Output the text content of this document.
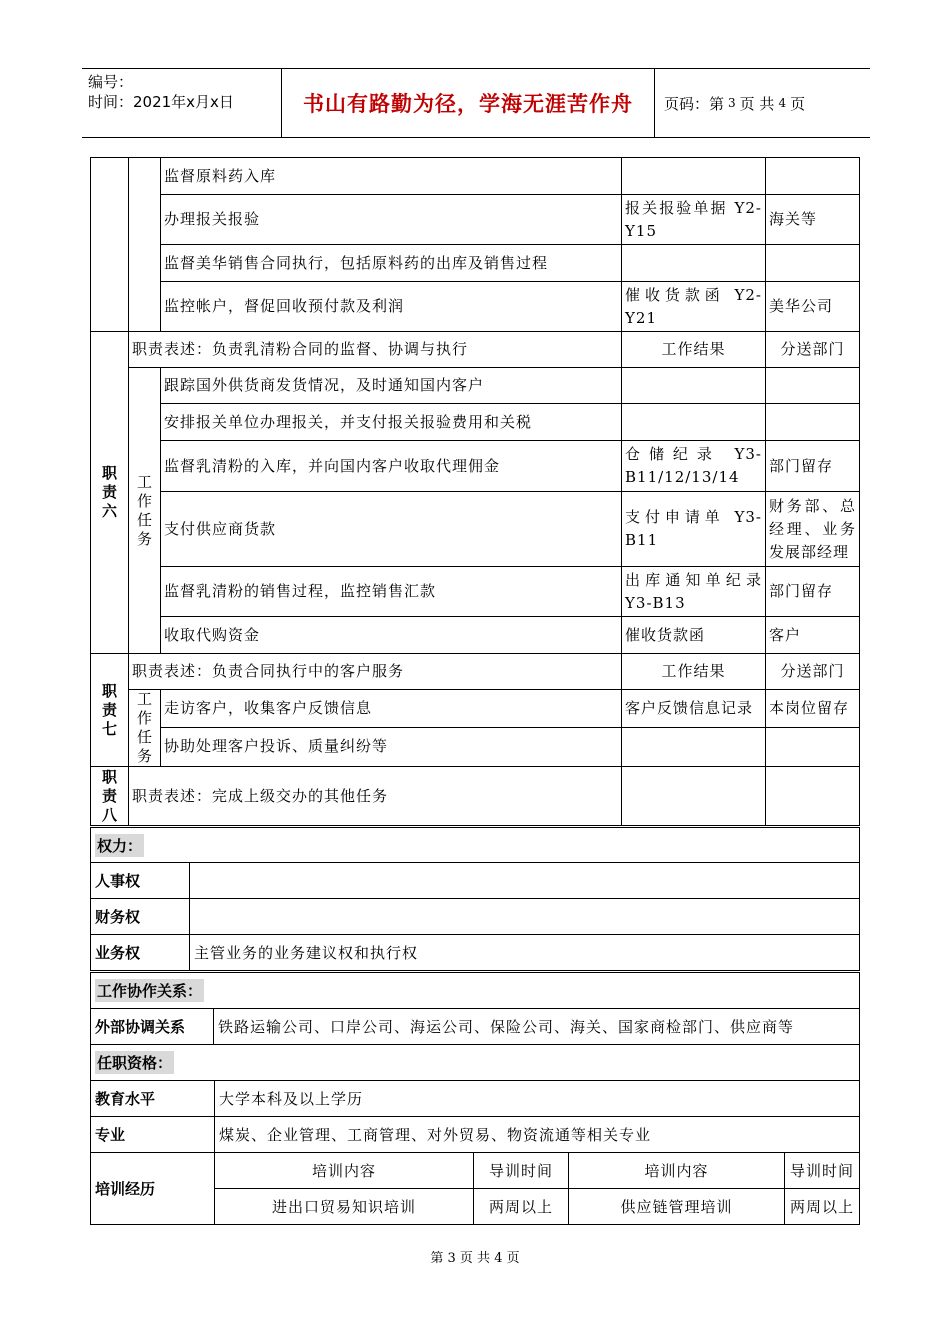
编号：
时间：2021年x月x日	书山有路勤为径，学海无涯苦作舟 页码：第 3 页 共 4 页
		监督原料药入库		
		办理报关报验	报关报验单据 Y2-Y15	海关等
		监督美华销售合同执行，包括原料药的出库及销售过程		
		监控帐户，督促回收预付款及利润	催收货款函 Y2-Y21	美华公司

职
责
六	职责表述：负责乳清粉合同的监督、协调与执行		工作结果	分送部门
	工
作
任
务	跟踪国外供货商发货情况，及时通知国内客户		
		安排报关单位办理报关，并支付报关报验费用和关税		
		监督乳清粉的入库，并向国内客户收取代理佣金	仓储纪录 Y3-B11/12/13/14	部门留存
		支付供应商货款	支付申请单 Y3-B11	财务部、总经理、业务发展部经理
		监督乳清粉的销售过程，监控销售汇款	出库通知单纪录 Y3-B13	部门留存
		收取代购资金	催收货款函	客户

职
责
七	职责表述：负责合同执行中的客户服务		工作结果	分送部门
	工
作
任
务	走访客户，收集客户反馈信息	客户反馈信息记录	本岗位留存
		协助处理客户投诉、质量纠纷等		

职
责
八	职责表述：完成上级交办的其他任务			
权力：	
人事权	
财务权	
业务权	主管业务的业务建议权和执行权
工作协作关系：
外部协调关系	铁路运输公司、口岸公司、海运公司、保险公司、海关、国家商检部门、供应商等
任职资格：				
教育水平	大学本科及以上学历			
专业	煤炭、企业管理、工商管理、对外贸易、物资流通等相关专业			
培训经历	培训内容	导训时间	培训内容	导训时间
	进出口贸易知识培训	两周以上	供应链管理培训	两周以上
第 3 页 共 4 页
